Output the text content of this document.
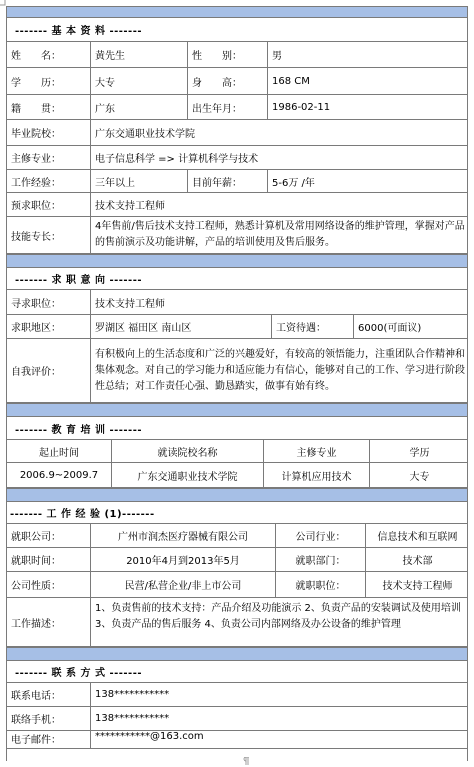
------- 基 本 资 料 -------
姓　　名：	黄先生	性　　别：	男
学　　历：	大专	身　　高：	168 CM
籍　　贯：	广东	出生年月：	1986-02-11
毕业院校：	广东交通职业技术学院
主修专业：	电子信息科学 => 计算机科学与技术
工作经验：	三年以上	目前年薪：	5-6万 /年
预求职位：	技术支持工程师
技能专长：
4年售前/售后技术支持工程师，熟悉计算机及常用网络设备的维护管理，掌握对产品的售前演示及功能讲解，产品的培训使用及售后服务。
------- 求 职 意 向 -------
寻求职位：	技术支持工程师
求职地区：	罗湖区 福田区 南山区	工资待遇：	6000(可面议)
自我评价：
有积极向上的生活态度和广泛的兴趣爱好，有较高的领悟能力，注重团队合作精神和集体观念。对自己的学习能力和适应能力有信心，能够对自己的工作、学习进行阶段性总结；对工作责任心强、勤恳踏实，做事有始有终。
------- 教 育 培 训 -------
起止时间	就读院校名称	主修专业	学历
2006.9~2009.7	广东交通职业技术学院	计算机应用技术	大专
------- 工 作 经 验 (1)-------
就职公司：	广州市润杰医疗器械有限公司	公司行业：	信息技术和互联网
就职时间：	2010年4月到2013年5月	就职部门：	技术部
公司性质：	民营/私营企业/非上市公司	就职职位：	技术支持工程师
工作描述：
1、负责售前的技术支持：产品介绍及功能演示 2、负责产品的安装调试及使用培训 3、负责产品的售后服务 4、负责公司内部网络及办公设备的维护管理
------- 联 系 方 式 -------
联系电话：	138***********
联络手机：	138***********
电子邮件：	***********@163.com
